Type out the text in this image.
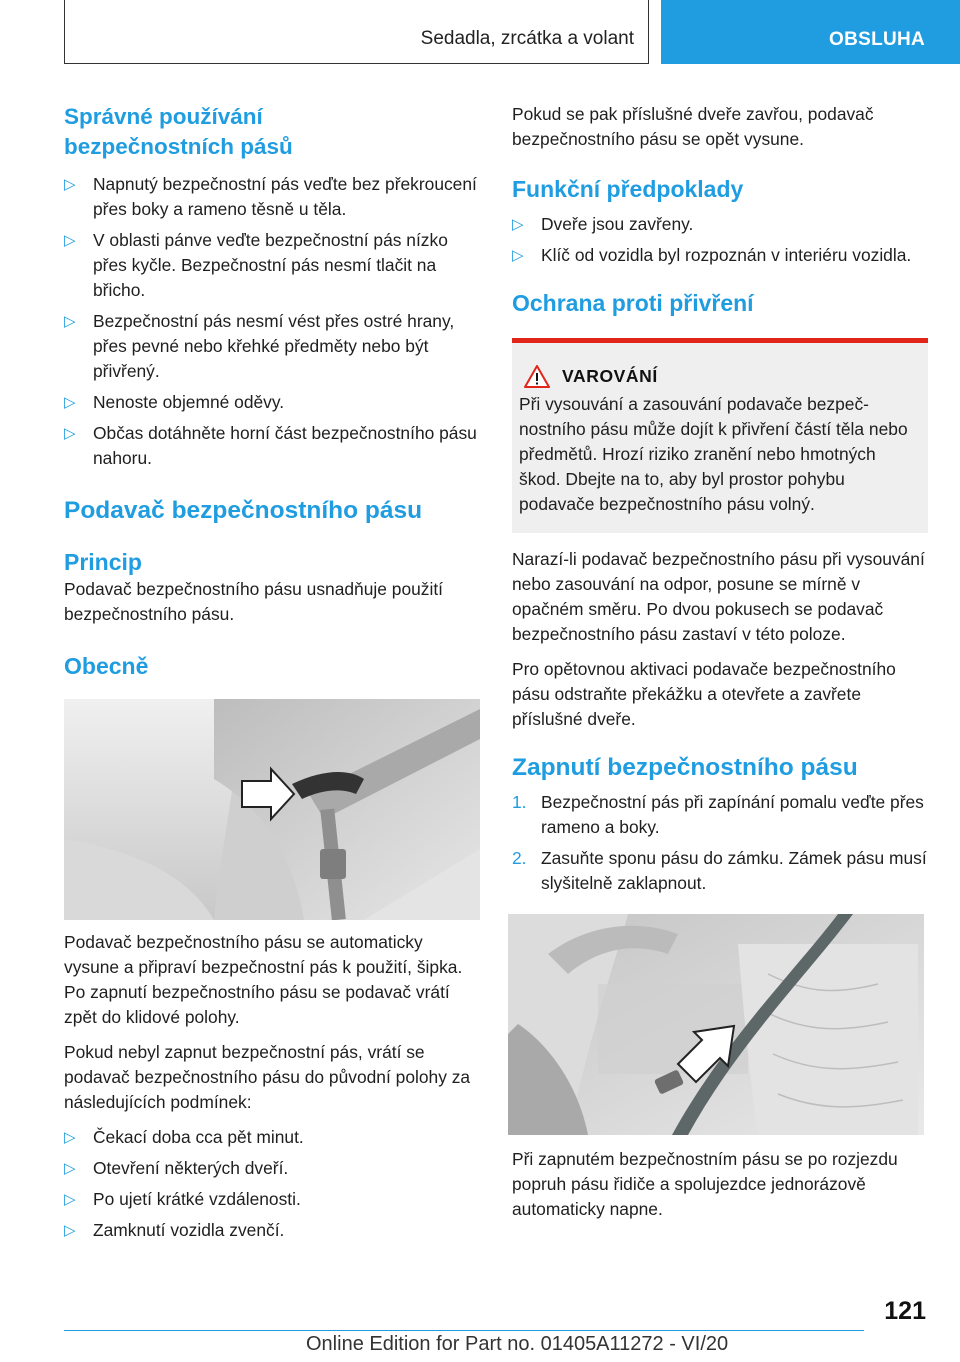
Sedadla, zrcátka a volant	OBSLUHA
Správné používání bezpečnostních pásů
▷ Napnutý bezpečnostní pás veďte bez překroucení přes boky a rameno těsně u těla.
▷ V oblasti pánve veďte bezpečnostní pás nízko přes kyčle. Bezpečnostní pás nesmí tlačit na břicho.
▷ Bezpečnostní pás nesmí vést přes ostré hrany, přes pevné nebo křehké předměty nebo být přivřený.
▷ Nenoste objemné oděvy.
▷ Občas dotáhněte horní část bezpečnostního pásu nahoru.
Podavač bezpečnostního pásu
Princip

Podavač bezpečnostního pásu usnadňuje použití bezpečnostního pásu.

Obecně

Podavač bezpečnostního pásu se automaticky vysune a připraví bezpečnostní pás k použití, šipka. Po zapnutí bezpečnostního pásu se podavač vrátí zpět do klidové polohy.

Pokud nebyl zapnut bezpečnostní pás, vrátí se podavač bezpečnostního pásu do původní polohy za následujících podmínek:

▷ Čekací doba cca pět minut.
▷ Otevření některých dveří.
▷ Po ujetí krátké vzdálenosti.
▷ Zamknutí vozidla zvenčí.

Pokud se pak příslušné dveře zavřou, podavač bezpečnostního pásu se opět vysune.

Funkční předpoklady
▷ Dveře jsou zavřeny.
▷ Klíč od vozidla byl rozpoznán v interiéru vozidla.
Ochrana proti přivření
VAROVÁNÍ

Při vysouvání a zasouvání podavače bezpečnostního pásu může dojít k přivření částí těla nebo předmětů. Hrozí riziko zranění nebo hmotných škod. Dbejte na to, aby byl prostor pohybu podavače bezpečnostního pásu volný.

Narazí-li podavač bezpečnostního pásu při vysouvání nebo zasouvání na odpor, posune se mírně v opačném směru. Po dvou pokusech se podavač bezpečnostního pásu zastaví v této poloze.

Pro opětovnou aktivaci podavače bezpečnostního pásu odstraňte překážku a otevřete a zavřete příslušné dveře.

Zapnutí bezpečnostního pásu
1. Bezpečnostní pás při zapínání pomalu veďte přes rameno a boky.
2. Zasuňte sponu pásu do zámku. Zámek pásu musí slyšitelně zaklapnout.

Při zapnutém bezpečnostním pásu se po rozjezdu popruh pásu řidiče a spolujezdce jednorázově automaticky napne.

121
Online Edition for Part no. 01405A11272 - VI/20
